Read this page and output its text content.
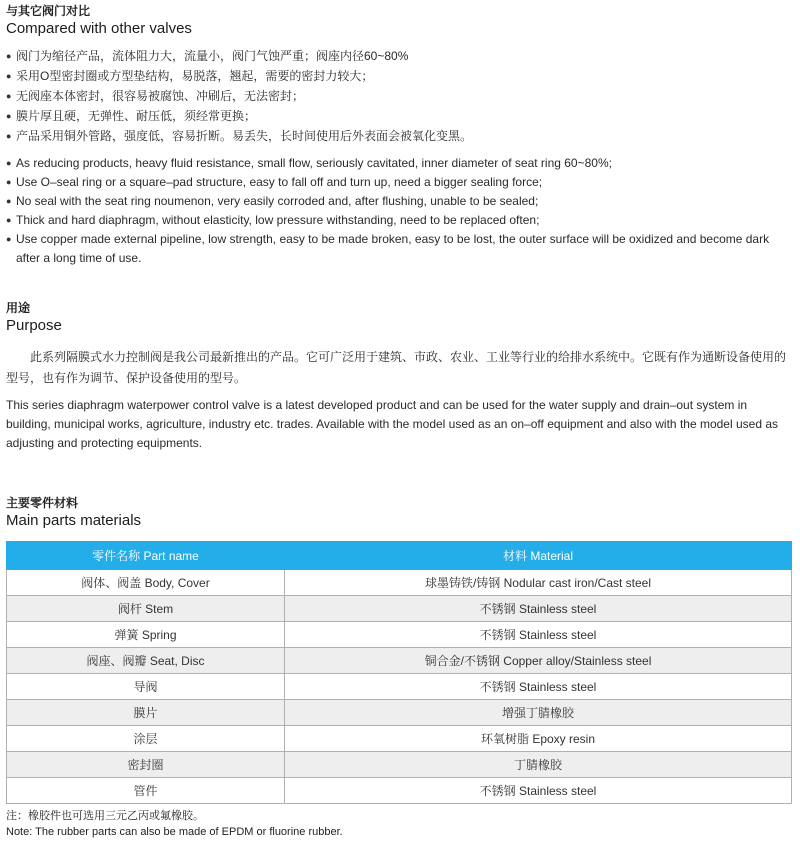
与其它阀门对比
Compared with other valves
● 阀门为缩径产品，流体阻力大，流量小，阀门气蚀严重；阀座内径60~80%
● 采用O型密封圈或方型垫结构，易脱落，翘起，需要的密封力较大；
● 无阀座本体密封，很容易被腐蚀、冲刷后，无法密封；
● 膜片厚且硬，无弹性、耐压低，须经常更换；
● 产品采用铜外管路，强度低，容易折断。易丢失，长时间使用后外表面会被氧化变黑。
● As reducing products, heavy fluid resistance, small flow, seriously cavitated, inner diameter of seat ring 60~80%;
● Use O–seal ring or a square–pad structure, easy to fall off and turn up, need a bigger sealing force;
● No seal with the seat ring noumenon, very easily corroded and, after flushing, unable to be sealed;
● Thick and hard diaphragm, without elasticity, low pressure withstanding, need to be replaced often;
● Use copper made external pipeline, low strength, easy to be made broken, easy to be lost, the outer surface will be oxidized and become dark after a long time of use.
用途
Purpose

此系列隔膜式水力控制阀是我公司最新推出的产品。它可广泛用于建筑、市政、农业、工业等行业的给排水系统中。它既有作为通断设备使用的型号，也有作为调节、保护设备使用的型号。

This series diaphragm waterpower control valve is a latest developed product and can be used for the water supply and drain–out system in building, municipal works, agriculture, industry etc. trades. Available with the model used as an on–off equipment and also with the model used as adjusting and protecting equipments.

主要零件材料
Main parts materials
零件名称 Part name	材料 Material
阀体、阀盖 Body, Cover	球墨铸铁/铸钢 Nodular cast iron/Cast steel
阀杆 Stem	不锈钢 Stainless steel
弹簧 Spring	不锈钢 Stainless steel
阀座、阀瓣 Seat, Disc	铜合金/不锈钢 Copper alloy/Stainless steel
导阀	不锈钢 Stainless steel
膜片	增强丁腈橡胶
涂层	环氧树脂 Epoxy resin
密封圈	丁腈橡胶
管件	不锈钢 Stainless steel
注：橡胶件也可选用三元乙丙或氟橡胶。
Note: The rubber parts can also be made of EPDM or fluorine rubber.
